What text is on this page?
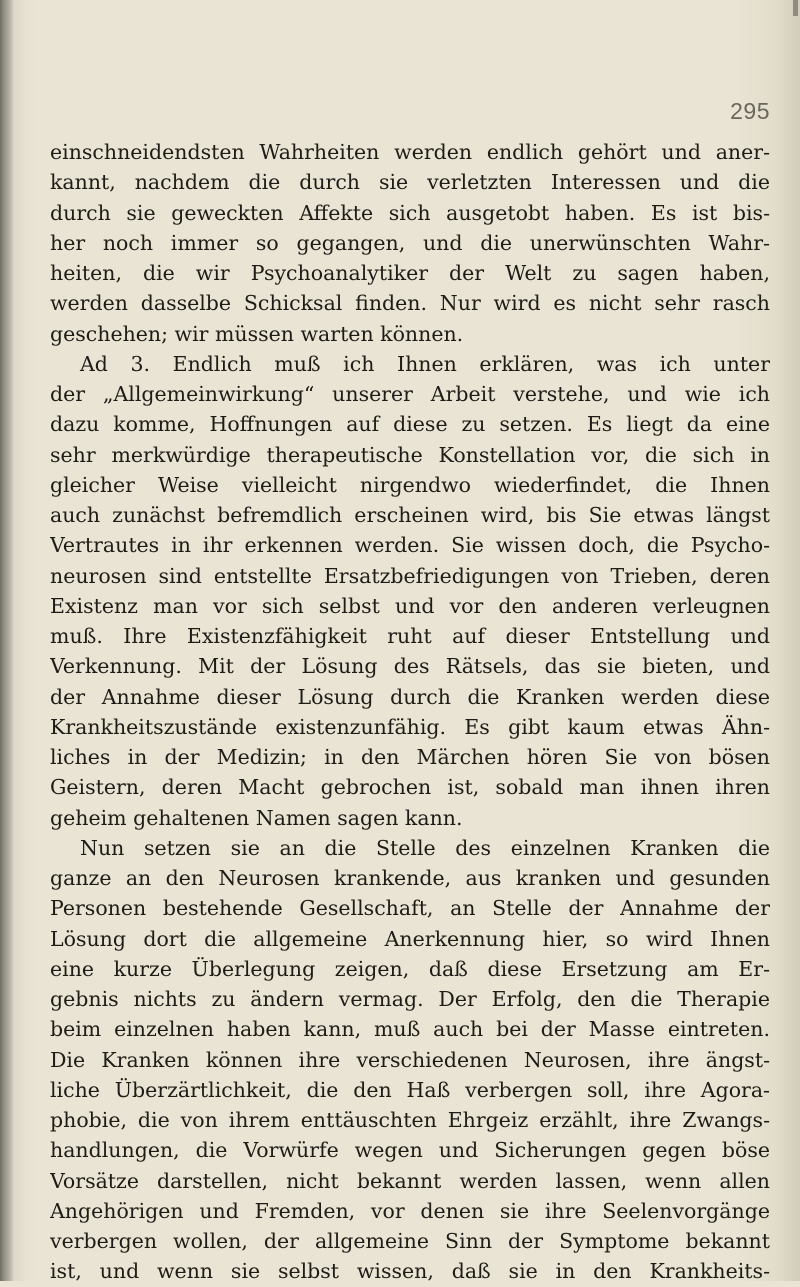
295
einschneidendsten Wahrheiten werden endlich gehört und aner-
kannt, nachdem die durch sie verletzten Interessen und die
durch sie geweckten Affekte sich ausgetobt haben. Es ist bis-
her noch immer so gegangen, und die unerwünschten Wahr-
heiten, die wir Psychoanalytiker der Welt zu sagen haben,
werden dasselbe Schicksal finden. Nur wird es nicht sehr rasch
geschehen; wir müssen warten können.
Ad 3. Endlich muß ich Ihnen erklären, was ich unter
der „Allgemeinwirkung“ unserer Arbeit verstehe, und wie ich
dazu komme, Hoffnungen auf diese zu setzen. Es liegt da eine
sehr merkwürdige therapeutische Konstellation vor, die sich in
gleicher Weise vielleicht nirgendwo wiederfindet, die Ihnen
auch zunächst befremdlich erscheinen wird, bis Sie etwas längst
Vertrautes in ihr erkennen werden. Sie wissen doch, die Psycho-
neurosen sind entstellte Ersatzbefriedigungen von Trieben, deren
Existenz man vor sich selbst und vor den anderen verleugnen
muß. Ihre Existenzfähigkeit ruht auf dieser Entstellung und
Verkennung. Mit der Lösung des Rätsels, das sie bieten, und
der Annahme dieser Lösung durch die Kranken werden diese
Krankheitszustände existenzunfähig. Es gibt kaum etwas Ähn-
liches in der Medizin; in den Märchen hören Sie von bösen
Geistern, deren Macht gebrochen ist, sobald man ihnen ihren
geheim gehaltenen Namen sagen kann.
Nun setzen sie an die Stelle des einzelnen Kranken die
ganze an den Neurosen krankende, aus kranken und gesunden
Personen bestehende Gesellschaft, an Stelle der Annahme der
Lösung dort die allgemeine Anerkennung hier, so wird Ihnen
eine kurze Überlegung zeigen, daß diese Ersetzung am Er-
gebnis nichts zu ändern vermag. Der Erfolg, den die Therapie
beim einzelnen haben kann, muß auch bei der Masse eintreten.
Die Kranken können ihre verschiedenen Neurosen, ihre ängst-
liche Überzärtlichkeit, die den Haß verbergen soll, ihre Agora-
phobie, die von ihrem enttäuschten Ehrgeiz erzählt, ihre Zwangs-
handlungen, die Vorwürfe wegen und Sicherungen gegen böse
Vorsätze darstellen, nicht bekannt werden lassen, wenn allen
Angehörigen und Fremden, vor denen sie ihre Seelenvorgänge
verbergen wollen, der allgemeine Sinn der Symptome bekannt
ist, und wenn sie selbst wissen, daß sie in den Krankheits-
